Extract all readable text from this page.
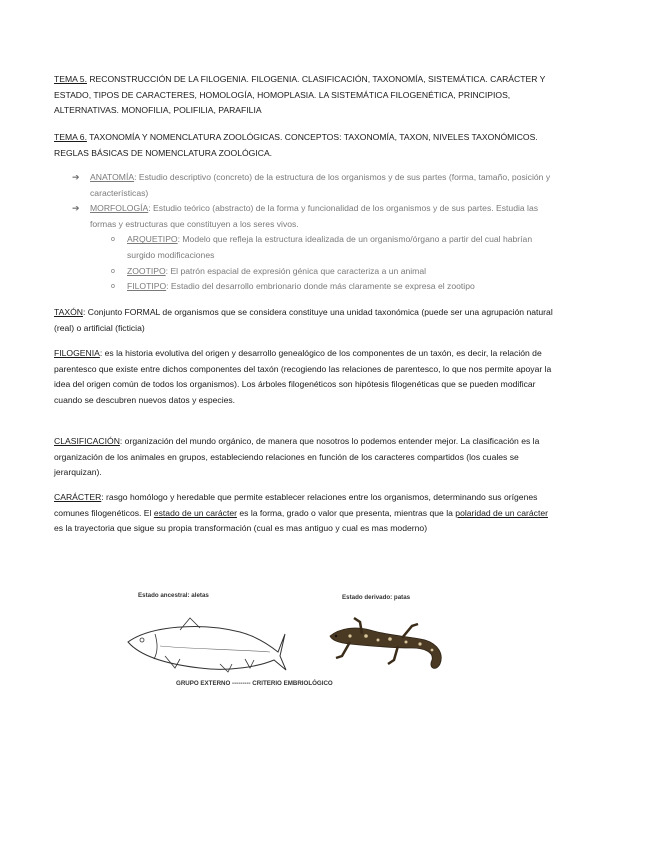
TEMA 5. RECONSTRUCCIÓN DE LA FILOGENIA. FILOGENIA. CLASIFICACIÓN, TAXONOMÍA, SISTEMÁTICA. CARÁCTER Y ESTADO, TIPOS DE CARACTERES, HOMOLOGÍA, HOMOPLASIA. LA SISTEMÁTICA FILOGENÉTICA, PRINCIPIOS, ALTERNATIVAS. MONOFILIA, POLIFILIA, PARAFILIA
TEMA 6. TAXONOMÍA Y NOMENCLATURA ZOOLÓGICAS. CONCEPTOS: TAXONOMÍA, TAXON, NIVELES TAXONÓMICOS. REGLAS BÁSICAS DE NOMENCLATURA ZOOLÓGICA.
➔ ANATOMÍA: Estudio descriptivo (concreto) de la estructura de los organismos y de sus partes (forma, tamaño, posición y características)
➔ MORFOLOGÍA: Estudio teórico (abstracto) de la forma y funcionalidad de los organismos y de sus partes. Estudia las formas y estructuras que constituyen a los seres vivos.
o ARQUETIPO: Modelo que refleja la estructura idealizada de un organismo/órgano a partir del cual habrían surgido modificaciones
o ZOOTIPO: El patrón espacial de expresión génica que caracteriza a un animal
o FILOTIPO: Estadio del desarrollo embrionario donde más claramente se expresa el zootipo
TAXÓN: Conjunto FORMAL de organismos que se considera constituye una unidad taxonómica (puede ser una agrupación natural (real) o artificial (ficticia)
FILOGENIA: es la historia evolutiva del origen y desarrollo genealógico de los componentes de un taxón, es decir, la relación de parentesco que existe entre dichos componentes del taxón (recogiendo las relaciones de parentesco, lo que nos permite apoyar la idea del origen común de todos los organismos). Los árboles filogenéticos son hipótesis filogenéticas que se pueden modificar cuando se descubren nuevos datos y especies.
CLASIFICACIÓN: organización del mundo orgánico, de manera que nosotros lo podemos entender mejor. La clasificación es la organización de los animales en grupos, estableciendo relaciones en función de los caracteres compartidos (los cuales se jerarquizan).
CARÁCTER: rasgo homólogo y heredable que permite establecer relaciones entre los organismos, determinando sus orígenes comunes filogenéticos. El estado de un carácter es la forma, grado o valor que presenta, mientras que la polaridad de un carácter es la trayectoria que sigue su propia transformación (cual es mas antiguo y cual es mas moderno)
Estado ancestral: aletas	Estado derivado: patas
GRUPO EXTERNO --------- CRITERIO EMBRIOLÓGICO
